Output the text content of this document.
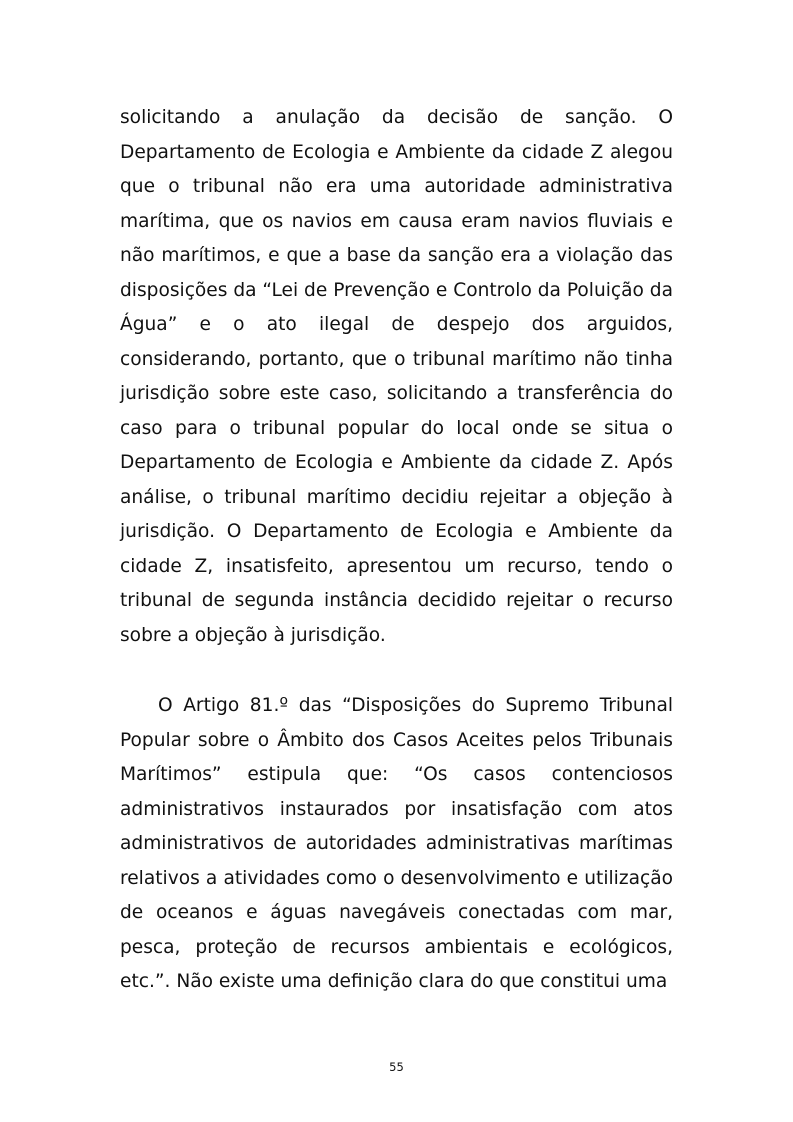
solicitando a anulação da decisão de sanção. O Departamento de Ecologia e Ambiente da cidade Z alegou que o tribunal não era uma autoridade administrativa marítima, que os navios em causa eram navios fluviais e não marítimos, e que a base da sanção era a violação das disposições da “Lei de Prevenção e Controlo da Poluição da Água” e o ato ilegal de despejo dos arguidos, considerando, portanto, que o tribunal marítimo não tinha jurisdição sobre este caso, solicitando a transferência do caso para o tribunal popular do local onde se situa o Departamento de Ecologia e Ambiente da cidade Z. Após análise, o tribunal marítimo decidiu rejeitar a objeção à jurisdição. O Departamento de Ecologia e Ambiente da cidade Z, insatisfeito, apresentou um recurso, tendo o tribunal de segunda instância decidido rejeitar o recurso sobre a objeção à jurisdição.

O Artigo 81.º das “Disposições do Supremo Tribunal Popular sobre o Âmbito dos Casos Aceites pelos Tribunais Marítimos” estipula que: “Os casos contenciosos administrativos instaurados por insatisfação com atos administrativos de autoridades administrativas marítimas relativos a atividades como o desenvolvimento e utilização de oceanos e águas navegáveis conectadas com mar, pesca, proteção de recursos ambientais e ecológicos, etc.”. Não existe uma definição clara do que constitui uma

55
